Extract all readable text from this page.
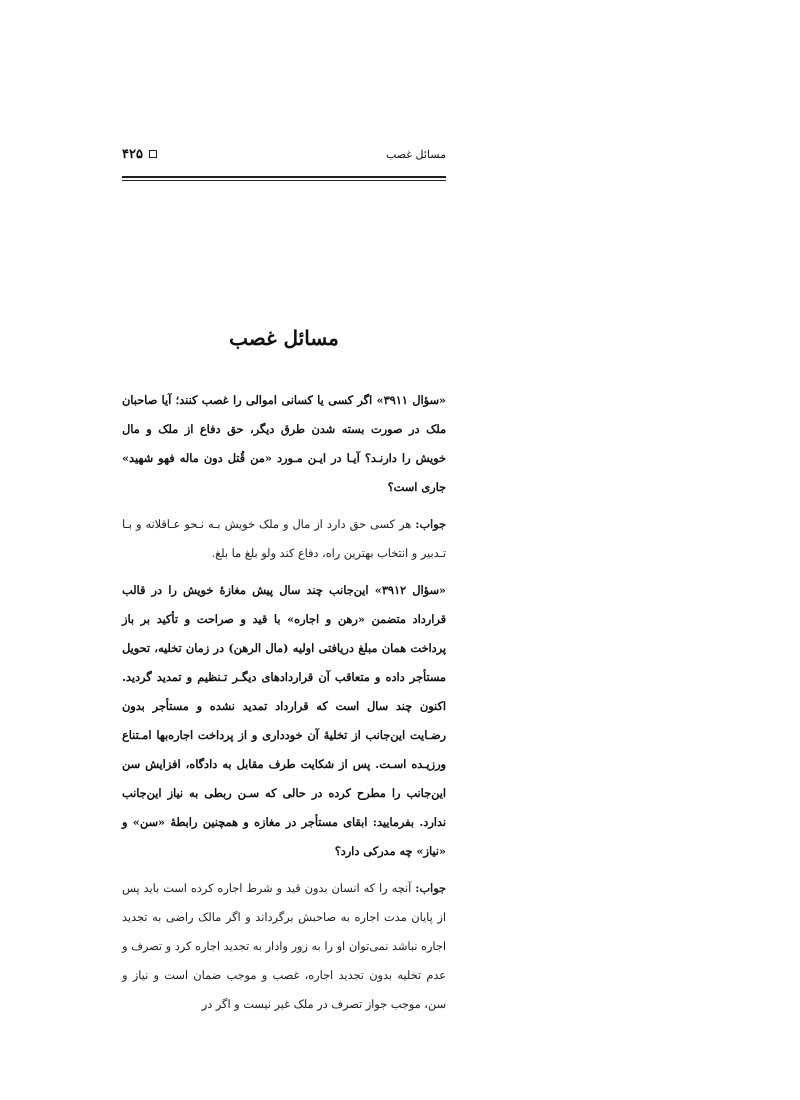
مسائل غصب
۴۲۵
مسائل غصب

«سؤال ۳۹۱۱» اگر کسی یا کسانی اموالی را غصب کنند؛ آیا صاحبان ملک در صورت بسته شدن طرق دیگر، حق دفاع از ملک و مال خویش را دارنـد؟ آیـا در ایـن مـورد «من قُتل دون ماله فهو شهید» جاری است؟

جواب: هر کسی حق دارد از مال و ملک خویش بـه نـحو عـاقلانه و بـا تـدبیر و انتخاب بهترین راه، دفاع کند ولو بلغ ما بلغ.

«سؤال ۳۹۱۲» این‌جانب چند سال پیش مغازهٔ خویش را در قالب قرارداد متضمن «رهن و اجاره» با قید و صراحت و تأکید بر باز پرداخت همان مبلغ دریافتی اولیه (مال الرهن) در زمان تخلیه، تحویل مستأجر داده و متعاقب آن قراردادهای دیگـر تـنظیم و تمدید گردید. اکنون چند سال است که قرارداد تمدید نشده و مستأجر بدون رضـایت این‌جانب از تخلیهٔ آن خودداری و از پرداخت اجاره‌بها امـتناع ورزیـده اسـت. پس از شکایت طرف مقابل به دادگاه، افزایش سن این‌جانب را مطرح کرده در حالی که سـن ربطی به نیاز این‌جانب ندارد. بفرمایید: ابقای مستأجر در مغازه و همچنین رابطهٔ «سن» و «نیاز» چه مدرکی دارد؟

جواب: آنچه را که انسان بدون قید و شرط اجاره کرده است باید پس از پایان مدت اجاره به صاحبش برگرداند و اگر مالک راضی به تجدید اجاره نباشد نمی‌توان او را به زور وادار به تجدید اجاره کرد و تصرف و عدم تخلیه بدون تجدید اجاره، غصب و موجب ضمان است و نیاز و سن، موجب جواز تصرف در ملک غیر نیست و اگر در
